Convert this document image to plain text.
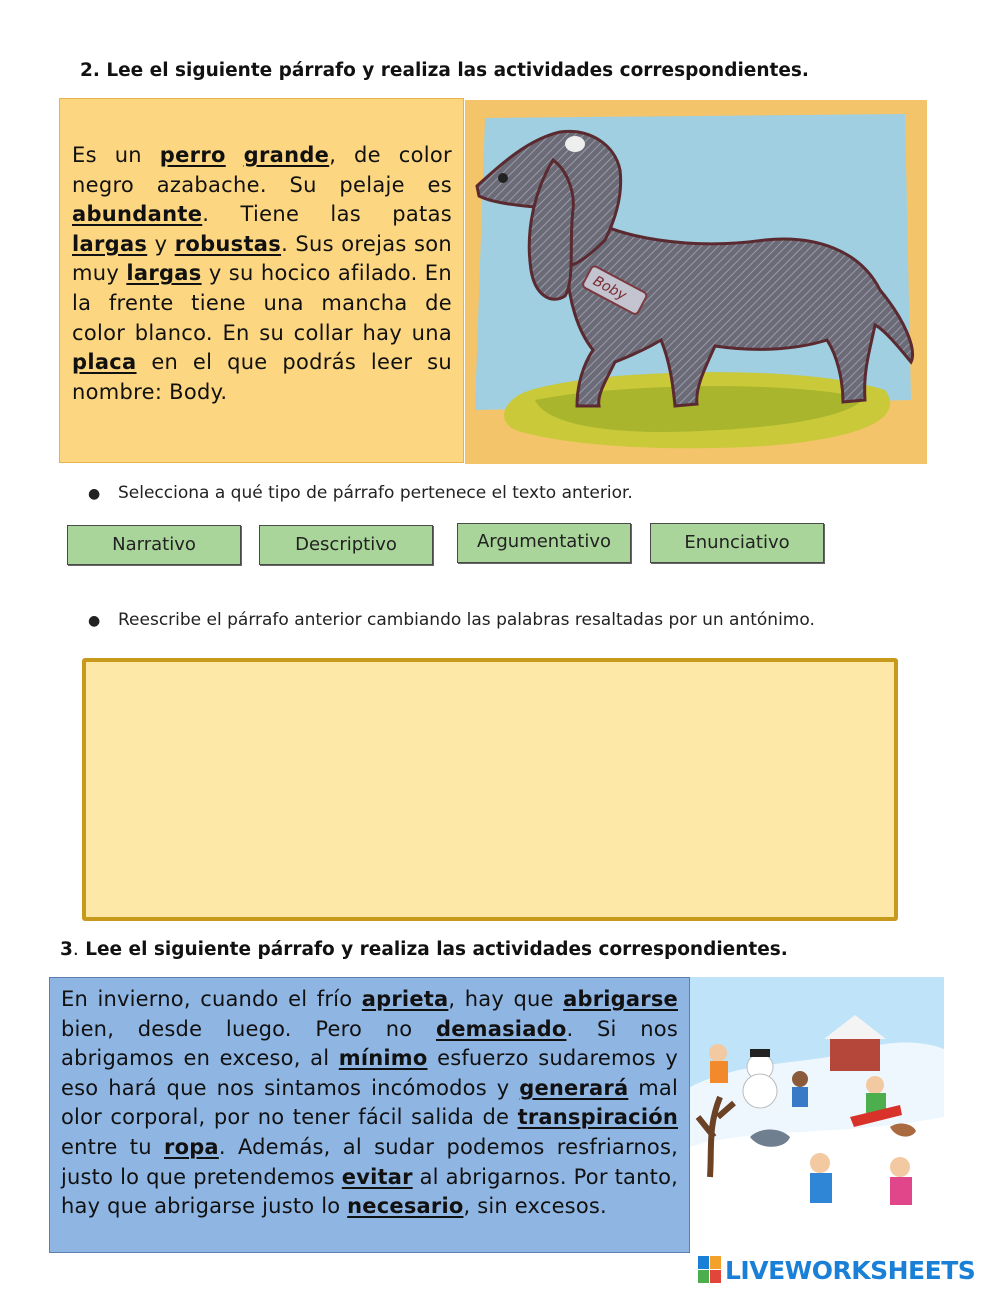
2. Lee el siguiente párrafo y realiza las actividades correspondientes.
Es un perro grande, de color negro azabache. Su pelaje es abundante. Tiene las patas largas y robustas. Sus orejas son muy largas y su hocico afilado. En la frente tiene una mancha de color blanco. En su collar hay una placa en el que podrás leer su nombre: Body.
Boby
● Selecciona a qué tipo de párrafo pertenece el texto anterior.
Narrativo	Descriptivo	Argumentativo	Enunciativo
● Reescribe el párrafo anterior cambiando las palabras resaltadas por un antónimo.
3. Lee el siguiente párrafo y realiza las actividades correspondientes.
En invierno, cuando el frío aprieta, hay que abrigarse bien, desde luego. Pero no demasiado. Si nos abrigamos en exceso, al mínimo esfuerzo sudaremos y eso hará que nos sintamos incómodos y generará mal olor corporal, por no tener fácil salida de transpiración entre tu ropa. Además, al sudar podemos resfriarnos, justo lo que pretendemos evitar al abrigarnos. Por tanto, hay que abrigarse justo lo necesario, sin excesos.
LIVEWORKSHEETS
